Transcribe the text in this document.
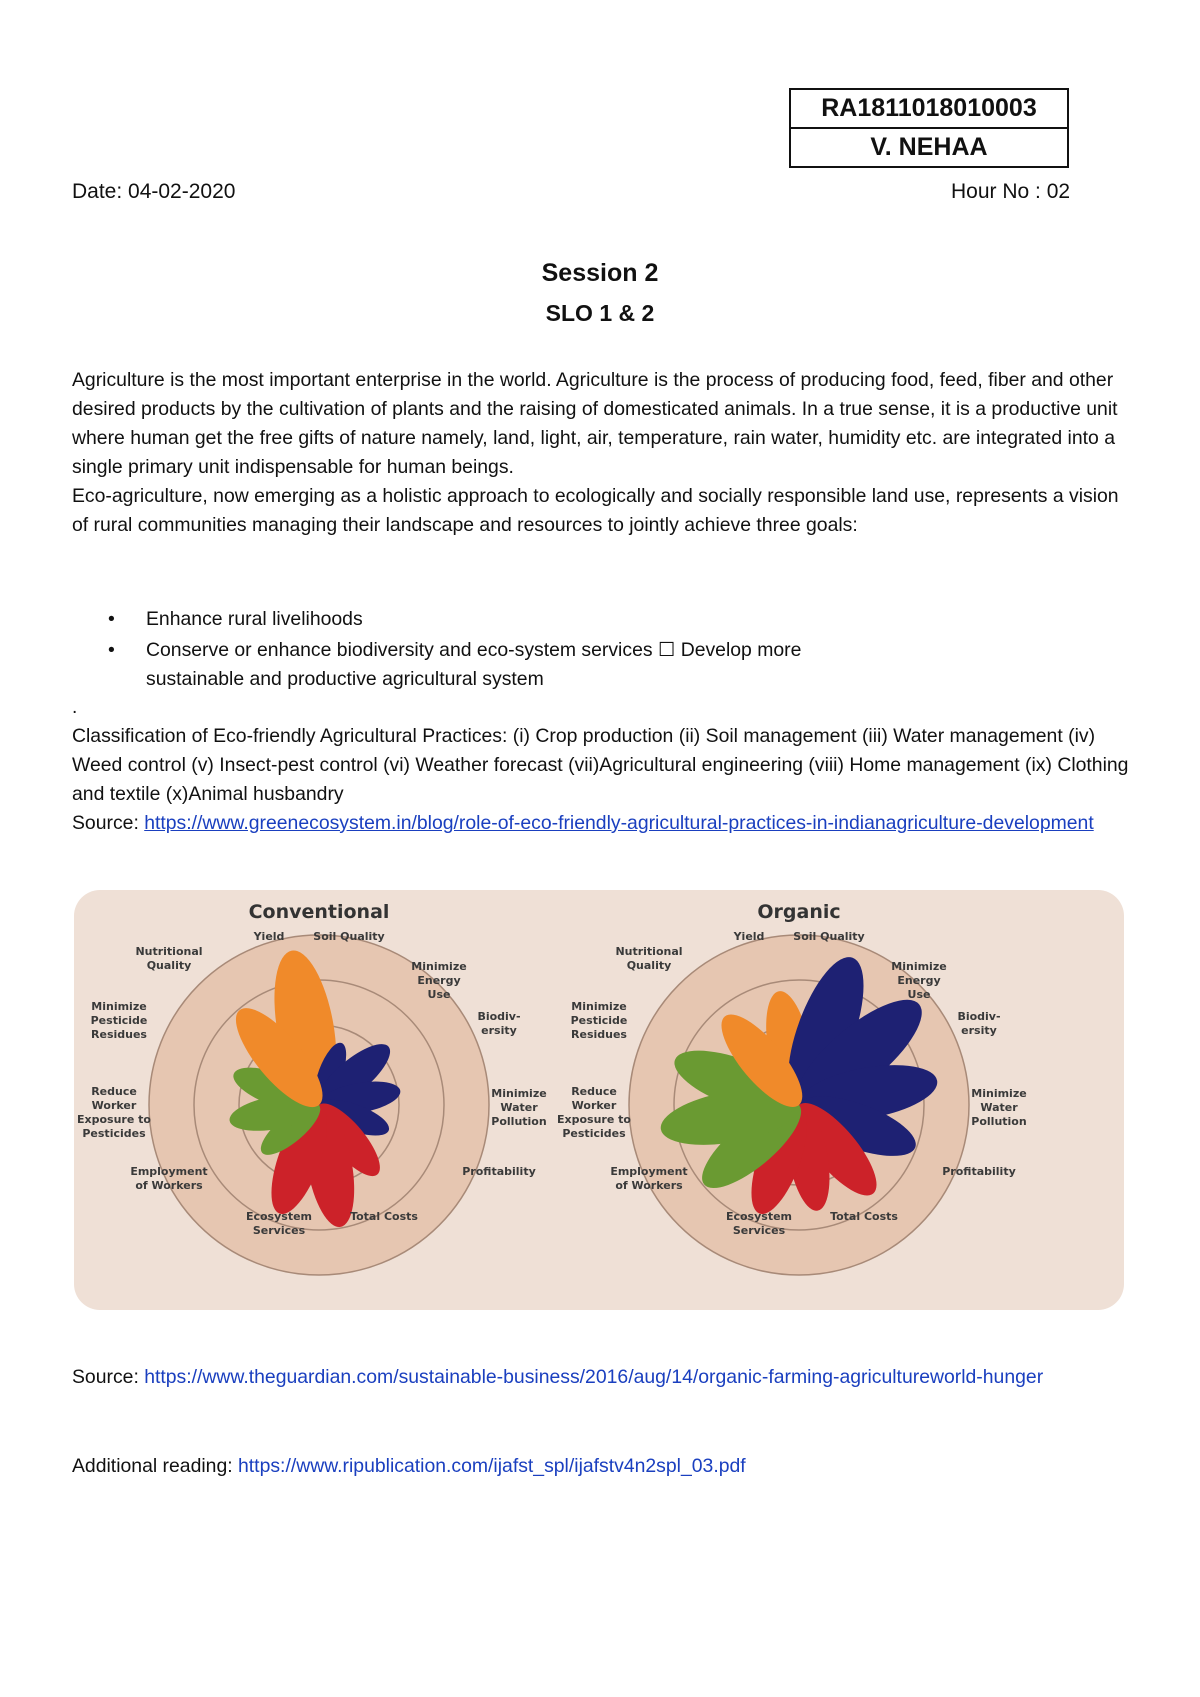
RA1811018010003
V. NEHAA
Date: 04-02-2020	Hour No : 02
Session 2
SLO 1 & 2
Agriculture is the most important enterprise in the world. Agriculture is the process of producing food, feed, fiber and other desired products by the cultivation of plants and the raising of domesticated animals. In a true sense, it is a productive unit where human get the free gifts of nature namely, land, light, air, temperature, rain water, humidity etc. are integrated into a single primary unit indispensable for human beings.
Eco-agriculture, now emerging as a holistic approach to ecologically and socially responsible land use, represents a vision of rural communities managing their landscape and resources to jointly achieve three goals:
• Enhance rural livelihoods
• Conserve or enhance biodiversity and eco-system services ☐ Develop more
sustainable and productive agricultural system
.
Classification of Eco-friendly Agricultural Practices: (i) Crop production (ii) Soil management (iii) Water management (iv) Weed control (v) Insect-pest control (vi) Weather forecast (vii)Agricultural engineering (viii) Home management (ix) Clothing and textile (x)Animal husbandry
Source: https://www.greenecosystem.in/blog/role-of-eco-friendly-agricultural-practices-in-indianagriculture-development
Conventional
Yield	Soil Quality
Minimize Energy Use
Biodiv-ersity
Minimize Water Pollution
Profitability
Total Costs
Ecosystem Services
Employment of Workers
Reduce Worker Exposure to Pesticides
Minimize Pesticide Residues
Nutritional Quality
Organic
Yield	Soil Quality
Minimize Energy Use
Biodiv-ersity
Minimize Water Pollution
Profitability
Total Costs
Ecosystem Services
Employment of Workers
Reduce Worker Exposure to Pesticides
Minimize Pesticide Residues
Nutritional Quality
Source: https://www.theguardian.com/sustainable-business/2016/aug/14/organic-farming-agricultureworld-hunger
Additional reading: https://www.ripublication.com/ijafst_spl/ijafstv4n2spl_03.pdf
